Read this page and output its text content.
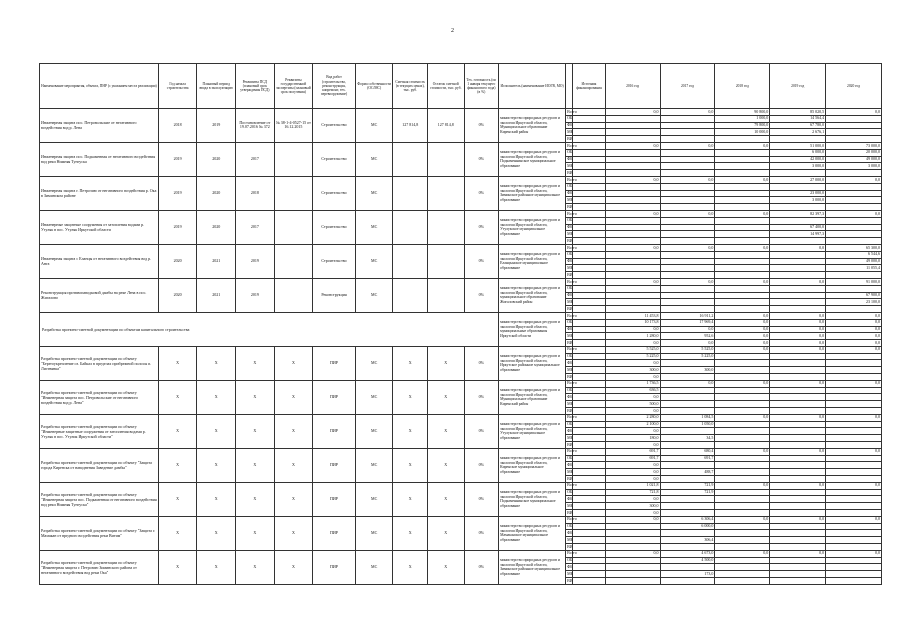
2
Наименование мероприятия, объекта, ПНР (с указанием места реализации)	Год начала строительства	Плановый период ввода в эксплуатацию	Реквизиты ПСД (плановый срок утверждения ПСД)	Реквизиты государственной экспертизы (плановый срок получения)	Вид работ (строительство, реконструкция, капремонт, тех. перевооружение)	Форма собственности (ОС/МС)	Сметная стоимость (в текущих ценах), тыс. руб.	Остаток сметной стоимости, тыс. руб.	Тех. готовность (по 1 января текущего финансового года) (в %)	Исполнитель (наименование ИОГВ, МО)		Источник финансирования	2016 год	2017 год	2018 год	2019 год	2020 год
Инженерная защита пос. Петровольские от негативного воздействия вод р. Лена	2018	2019	Постановление от 19.07.2016 № 372	№ 38-1-4-0527-15 от 16.12.2015	Строительство	МС	127 814,8	127 814,8	0%	министерство природных ресурсов и экологии Иркутской области, Муниципальное образование Киренский район	Всего		0,0	0,0	90 800,0	85 020,5	0,0
											ОБ				1 000,0	14 564,4	
											ФБ				79 800,0	67 780,0	
											МБ				10 000,0	2 676,1	
											ВИ						
Инженерная защита пос. Подкаменная от негативного воздействия вод реки Нижняя Тунгуска	2019	2020	2017		Строительство	МС			0%	министерство природных ресурсов и экологии Иркутской области, Подкаменнинское муниципальное образование	Всего		0,0	0,0	0,0	51 000,0	73 000,0
											ОБ					6 000,0	20 000,0
											ФБ					42 000,0	49 000,0
											МБ					3 000,0	3 000,0
											ВИ						
Инженерная защита г. Петрозию от негативного воздействия р. Ока в Зиминском районе	2019	2020	2018		Строительство	МС			0%	министерство природных ресурсов и экологии Иркутской области, Зиминское районное муниципальное образование	Всего		0,0	0,0	0,0	27 000,0	0,0
											ОБ						
											ФБ					23 000,0	
											МБ					3 000,0	
											ВИ						
Инженерные защитные сооружения от затопления водами р. Утуляк в пос. Утуляк Иркутской области	2019	2020	2017		Строительство	МС			0%	министерство природных ресурсов и экологии Иркутской области, Утулукское муниципальное образование	Всего		0,0	0,0	0,0	82 397,3	0,0
											ОБ						
											ФБ					67 400,0	
											МБ					14 997,3	
											ВИ						
Инженерная защита с Еланцы от негативного воздействия вод р. Анга	2020	2021	2019		Строительство	МС			0%	министерство природных ресурсов и экологии Иркутской области, Еланцынское муниципальное образование	Всего		0,0	0,0	0,0	0,0	65 300,0
											ОБ						6 544,6
											ФБ						49 000,0
											МБ						11 055,4
											ВИ						
Реконструкция противопаводковой дамбы на реке Лена в пос. Жигалово	2020	2021	2019		Реконструкция	МС			0%	министерство природных ресурсов и экологии Иркутской области, муниципальное образование Жигаловский район	Всего		0,0	0,0	0,0	0,0	91 000,0
											ОБ						
											ФБ						67 900,0
											МБ						23 100,0
											ВИ						
Разработка проектно-сметной документации по объектам капитального строительства										министерство природных ресурсов и экологии Иркутской области, муниципальные образования Иркутской области	Всего		11 453,8	16 911,2	0,0	0,0	0,0
											ОБ		10 173,8	17 969,4	0,0	0,0	0,0
											ФБ		0,0	0,0	0,0	0,0	0,0
											МБ		1 280,0	952,6	0,0	0,0	0,0
											ВИ		0,0	0,0	0,0	0,0	0,0
Разработка проектно-сметной документации по объекту "Берегоукрепление оз. Байкал в пределах прибрежной полосы п. Листвянка"	X	X	X	X	ПИР	МС	X	X	0%	министерство природных ресурсов и экологии Иркутской области, Иркутское районное муниципальное образование	Всего		5 525,0	5 525,0	0,0	0,0	0,0
											ОБ		5 225,0	5 225,0			
											ФБ		0,0				
											МБ		300,0	300,0			
											ВИ		0,0				
Разработка проектно-сметной документации по объекту "Инженерная защита пос. Петровольские от негативного воздействия вод р. Лена"	X	X	X	X	ПИР	МС	X	X	0%	министерство природных ресурсов и экологии Иркутской области, Муниципальное образование Киренский район	Всего		1 736,5	0,0	0,0	0,0	0,0
											ОБ		636,5				
											ФБ		0,0				
											МБ		500,0				
											ВИ		0,0				
Разработка проектно-сметной документации по объекту "Инженерные защитные сооружения от затопления водами р. Утуляк в пос. Утулик Иркутской области"	X	X	X	X	ПИР	МС	X	X	0%	министерство природных ресурсов и экологии Иркутской области, Утулукское муниципальное образование	Всего		2 280,0	1 084,5	0,0	0,0	0,0
											ОБ		2 100,0	1 050,0			
											ФБ		0,0				
											МБ		180,0	34,5			
											ВИ		0,0				
Разработка проектно-сметной документации по объекту "Защита города Киренска от наводнения Заведение дамбы"	X	X	X	X	ПИР	МС	X	X	0%	министерство природных ресурсов и экологии Иркутской области, Киренское муниципальное образование	Всего		691,7	680,4	0,0	0,0	0,0
											ОБ		691,7	691,7			
											ФБ		0,0				
											МБ		0,0	488,7			
											ВИ		0,0				
Разработка проектно-сметной документации по объекту "Инженерная защита пос. Подкаменная от негативного воздействия вод реки Нижняя Тунгуска"	X	X	X	X	ПИР	МС	X	X	0%	министерство природных ресурсов и экологии Иркутской области, Подкаменнинское муниципальное образование	Всего		1 021,8	721,9	0,0	0,0	0,0
											ОБ		721,8	721,9			
											ФБ		0,0				
											МБ		300,0				
											ВИ		0,0				
Разработка проектно-сметной документации по объекту "Защита г. Мамакан от вредного воздействия реки Витим"	X	X	X	X	ПИР	МС	X	X	0%	министерство природных ресурсов и экологии Иркутской области, Мамаканское муниципальное образование	Всего		0,0	6 306,4	0,0	0,0	0,0
											ОБ			6 000,0			
											ФБ						
											МБ			306,4			
											ВИ						
Разработка проектно-сметной документации по объекту "Инженерная защита г. Петрозию Зиминского района от негативного воздействия вод реки Ока"	X	X	X	X	ПИР	МС	X	X	0%	министерство природных ресурсов и экологии Иркутской области, Зиминское районное муниципальное образование	Всего		0,0	4 673,0	0,0	0,0	0,0
											ОБ			4 500,0			
											ФБ						
											МБ			173,0			
											ВИ						
